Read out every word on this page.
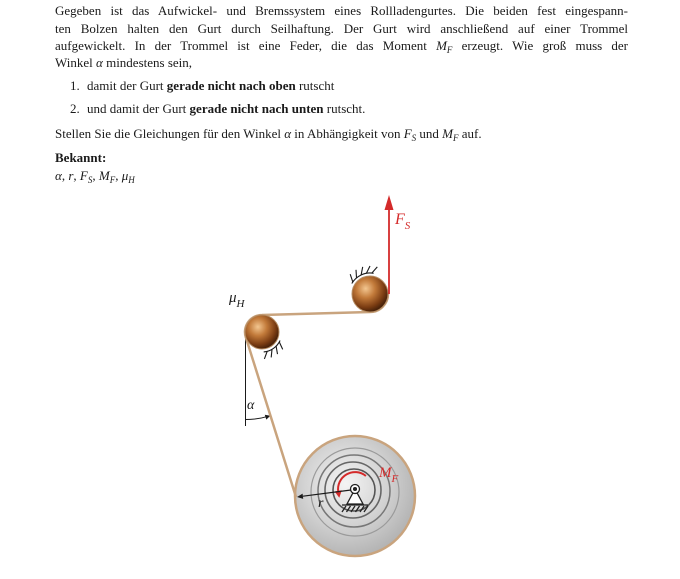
Gegeben ist das Aufwickel- und Bremssystem eines Rollladengurtes. Die beiden fest eingespann-
ten Bolzen halten den Gurt durch Seilhaftung. Der Gurt wird anschließend auf einer Trommel
aufgewickelt. In der Trommel ist eine Feder, die das Moment $M_F$ erzeugt. Wie groß muss der
Winkel α mindestens sein,
1. damit der Gurt gerade nicht nach oben rutscht
2. und damit der Gurt gerade nicht nach unten rutscht.
Stellen Sie die Gleichungen für den Winkel α in Abhängigkeit von $F_S$ und $M_F$ auf.
Bekannt:
α, r, $F_S$, $M_F$, $\mu_H$
$F_S$
$\mu_H$
α
r
$M_F$
